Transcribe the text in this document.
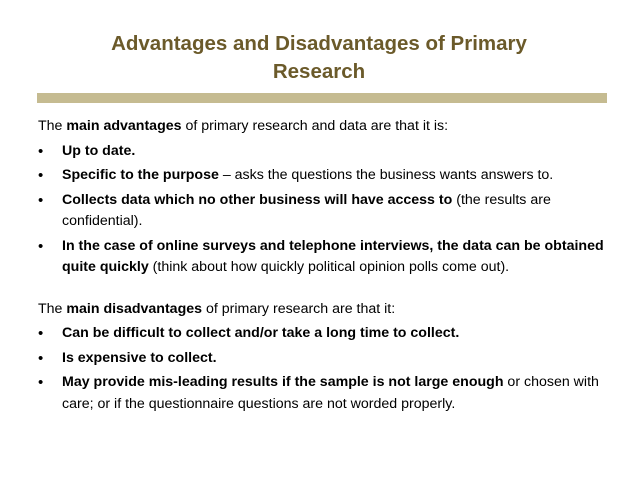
Advantages and Disadvantages of Primary
Research

The main advantages of primary research and data are that it is:

• Up to date.
• Specific to the purpose – asks the questions the business wants answers to.
• Collects data which no other business will have access to (the results are confidential).
• In the case of online surveys and telephone interviews, the data can be obtained quite quickly (think about how quickly political opinion polls come out).

The main disadvantages of primary research are that it:

• Can be difficult to collect and/or take a long time to collect.
• Is expensive to collect.
• May provide mis-leading results if the sample is not large enough or chosen with care; or if the questionnaire questions are not worded properly.
